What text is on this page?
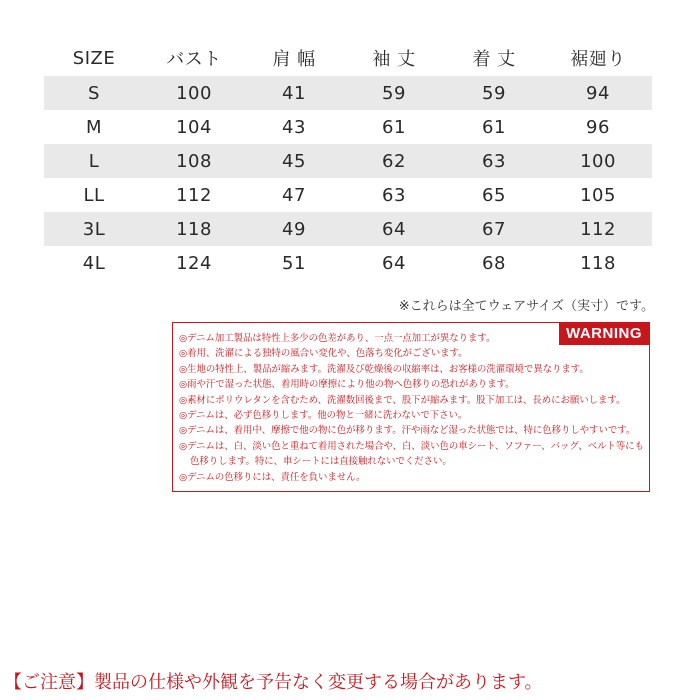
SIZE	バスト	肩 幅	袖 丈	着 丈	裾廻り
S	100	41	59	59	94
M	104	43	61	61	96
L	108	45	62	63	100
LL	112	47	63	65	105
3L	118	49	64	67	112
4L	124	51	64	68	118
※これらは全てウェアサイズ（実寸）です。
WARNING
◎デニム加工製品は特性上多少の色差があり、一点一点加工が異なります。
◎着用、洗濯による独特の風合い変化や、色落ち変化がございます。
◎生地の特性上、製品が縮みます。洗濯及び乾燥後の収縮率は、お客様の洗濯環境で異なります。
◎雨や汗で湿った状態、着用時の摩擦により他の物へ色移りの恐れがあります。
◎素材にポリウレタンを含むため、洗濯数回後まで、股下が縮みます。股下加工は、長めにお願いします。
◎デニムは、必ず色移りします。他の物と一緒に洗わないで下さい。
◎デニムは、着用中、摩擦で他の物に色が移ります。汗や雨など湿った状態では、特に色移りしやすいです。
◎デニムは、白、淡い色と重ねて着用された場合や、白、淡い色の車シート、ソファー、バッグ、ベルト等にも
色移りします。特に、車シートには直接触れないでください。
◎デニムの色移りには、責任を負いません。
【ご注意】製品の仕様や外観を予告なく変更する場合があります。
